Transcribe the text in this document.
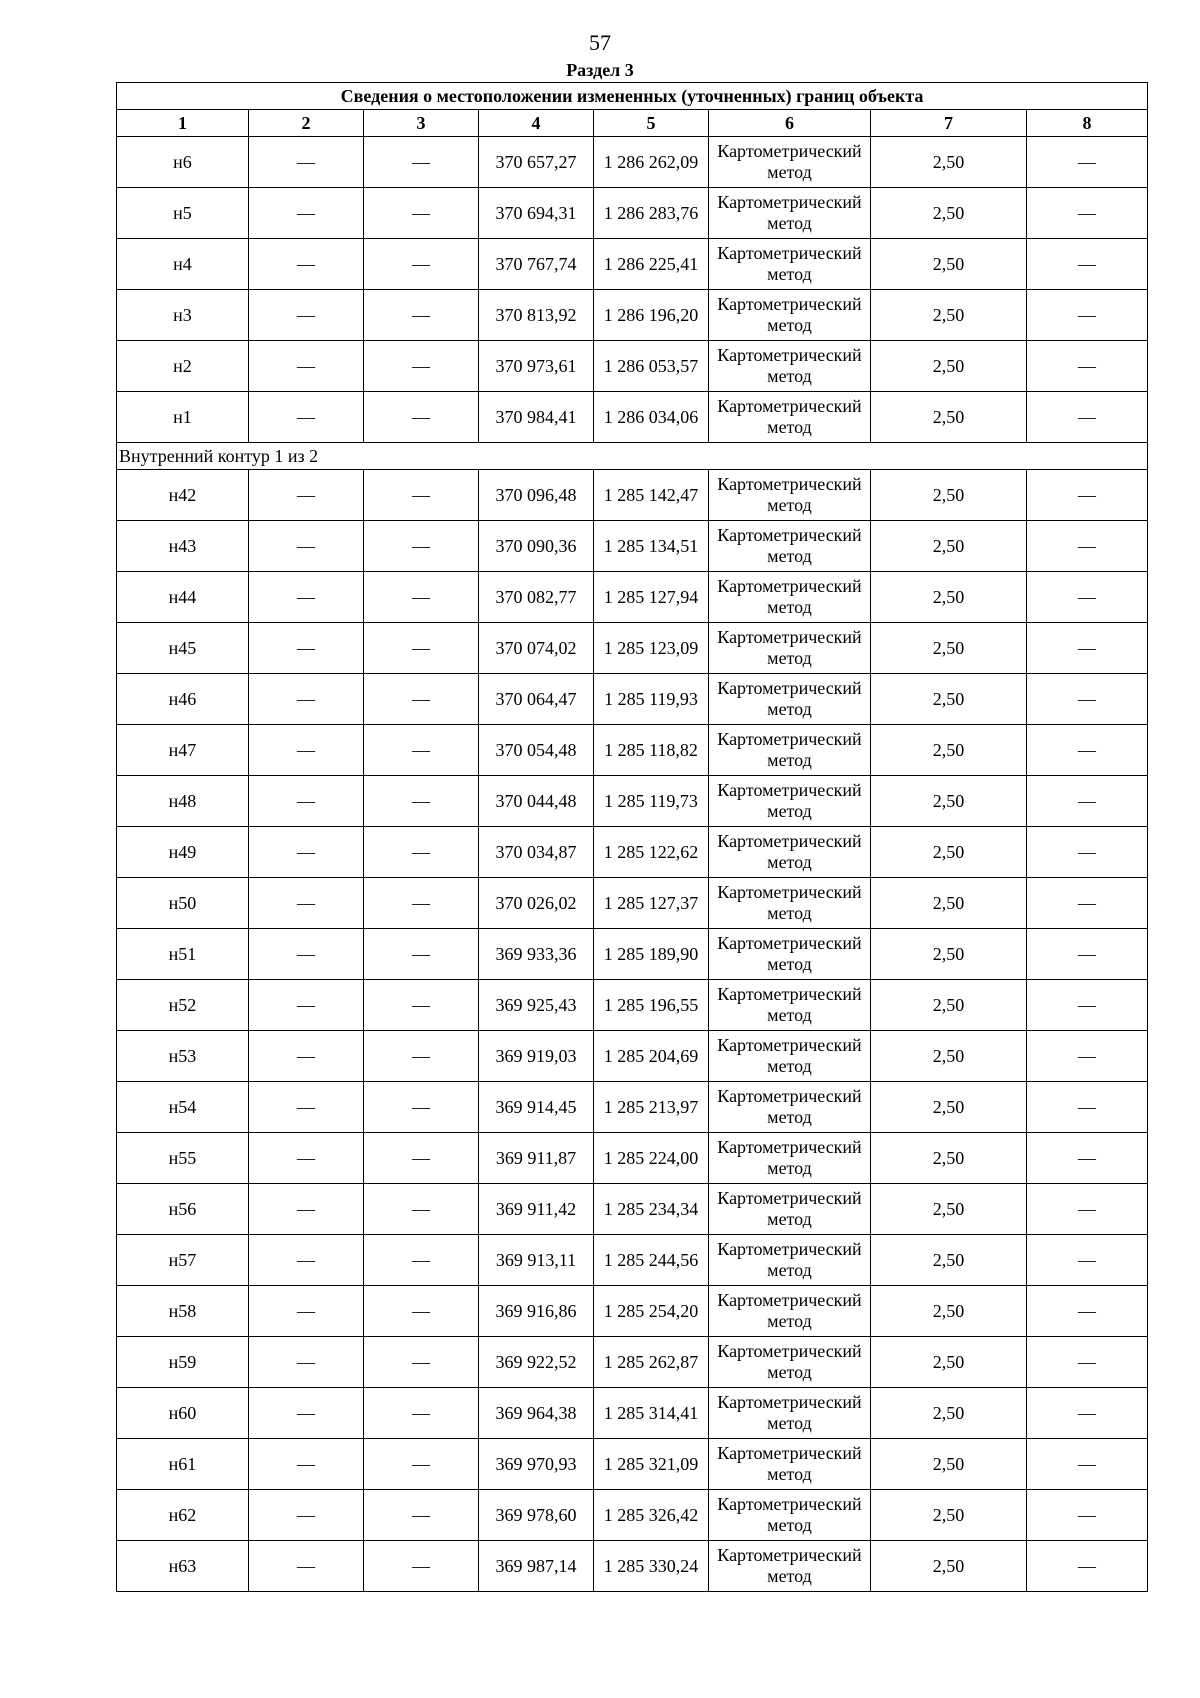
57
Раздел 3
Сведения о местоположении измененных (уточненных) границ объекта							
1	2	3	4	5	6	7	8
н6	—	—	370 657,27	1 286 262,09	Картометрический метод	2,50	—
н5	—	—	370 694,31	1 286 283,76	Картометрический метод	2,50	—
н4	—	—	370 767,74	1 286 225,41	Картометрический метод	2,50	—
н3	—	—	370 813,92	1 286 196,20	Картометрический метод	2,50	—
н2	—	—	370 973,61	1 286 053,57	Картометрический метод	2,50	—
н1	—	—	370 984,41	1 286 034,06	Картометрический метод	2,50	—
Внутренний контур 1 из 2							
н42	—	—	370 096,48	1 285 142,47	Картометрический метод	2,50	—
н43	—	—	370 090,36	1 285 134,51	Картометрический метод	2,50	—
н44	—	—	370 082,77	1 285 127,94	Картометрический метод	2,50	—
н45	—	—	370 074,02	1 285 123,09	Картометрический метод	2,50	—
н46	—	—	370 064,47	1 285 119,93	Картометрический метод	2,50	—
н47	—	—	370 054,48	1 285 118,82	Картометрический метод	2,50	—
н48	—	—	370 044,48	1 285 119,73	Картометрический метод	2,50	—
н49	—	—	370 034,87	1 285 122,62	Картометрический метод	2,50	—
н50	—	—	370 026,02	1 285 127,37	Картометрический метод	2,50	—
н51	—	—	369 933,36	1 285 189,90	Картометрический метод	2,50	—
н52	—	—	369 925,43	1 285 196,55	Картометрический метод	2,50	—
н53	—	—	369 919,03	1 285 204,69	Картометрический метод	2,50	—
н54	—	—	369 914,45	1 285 213,97	Картометрический метод	2,50	—
н55	—	—	369 911,87	1 285 224,00	Картометрический метод	2,50	—
н56	—	—	369 911,42	1 285 234,34	Картометрический метод	2,50	—
н57	—	—	369 913,11	1 285 244,56	Картометрический метод	2,50	—
н58	—	—	369 916,86	1 285 254,20	Картометрический метод	2,50	—
н59	—	—	369 922,52	1 285 262,87	Картометрический метод	2,50	—
н60	—	—	369 964,38	1 285 314,41	Картометрический метод	2,50	—
н61	—	—	369 970,93	1 285 321,09	Картометрический метод	2,50	—
н62	—	—	369 978,60	1 285 326,42	Картометрический метод	2,50	—
н63	—	—	369 987,14	1 285 330,24	Картометрический метод	2,50	—
